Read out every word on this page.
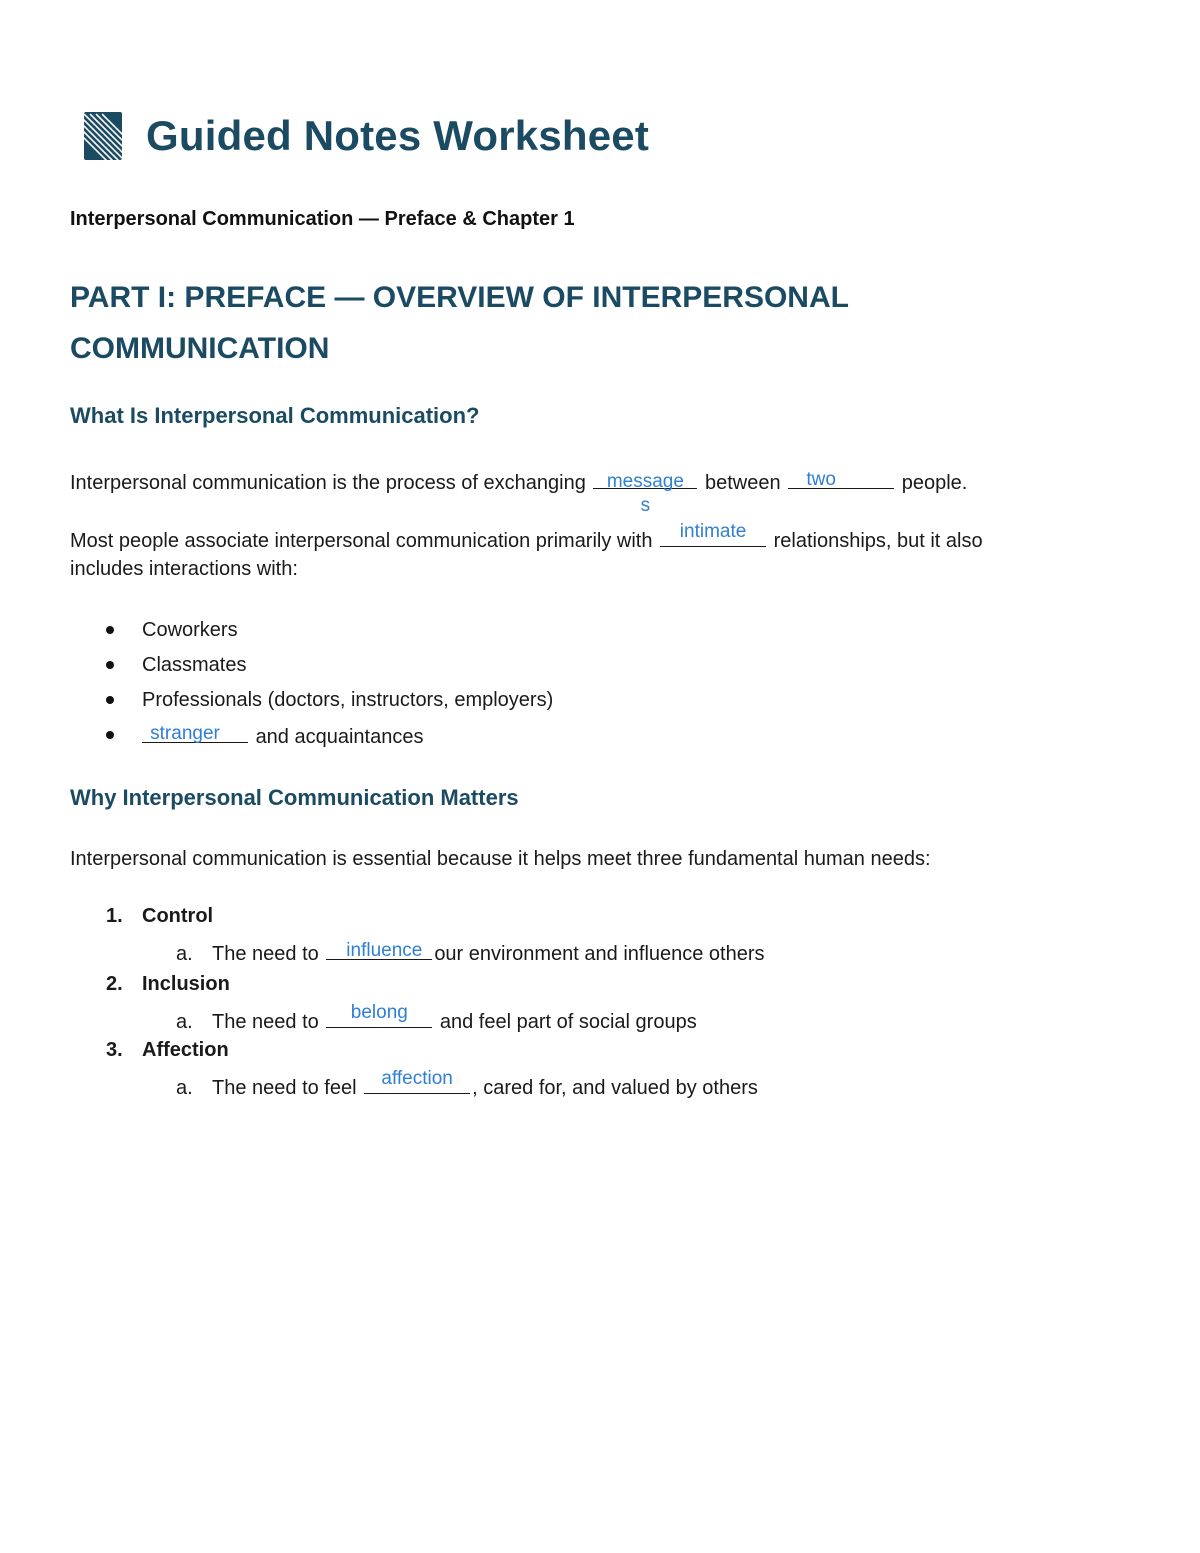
Guided Notes Worksheet
Interpersonal Communication — Preface & Chapter 1
PART I: PREFACE — OVERVIEW OF INTERPERSONAL
COMMUNICATION
What Is Interpersonal Communication?
Interpersonal communication is the process of exchanging message
s
between	two	people.
Most people associate interpersonal communication primarily with	intimate	relationships, but it also
includes interactions with:
Coworkers
Classmates
Professionals (doctors, instructors, employers)
stranger	and acquaintances
Why Interpersonal Communication Matters
Interpersonal communication is essential because it helps meet three fundamental human needs:
1. Control
a. The need to	influence our environment and influence others
2. Inclusion
a. The need to	belong	and feel part of social groups
3. Affection
a. The need to feel	affection , cared for, and valued by others
